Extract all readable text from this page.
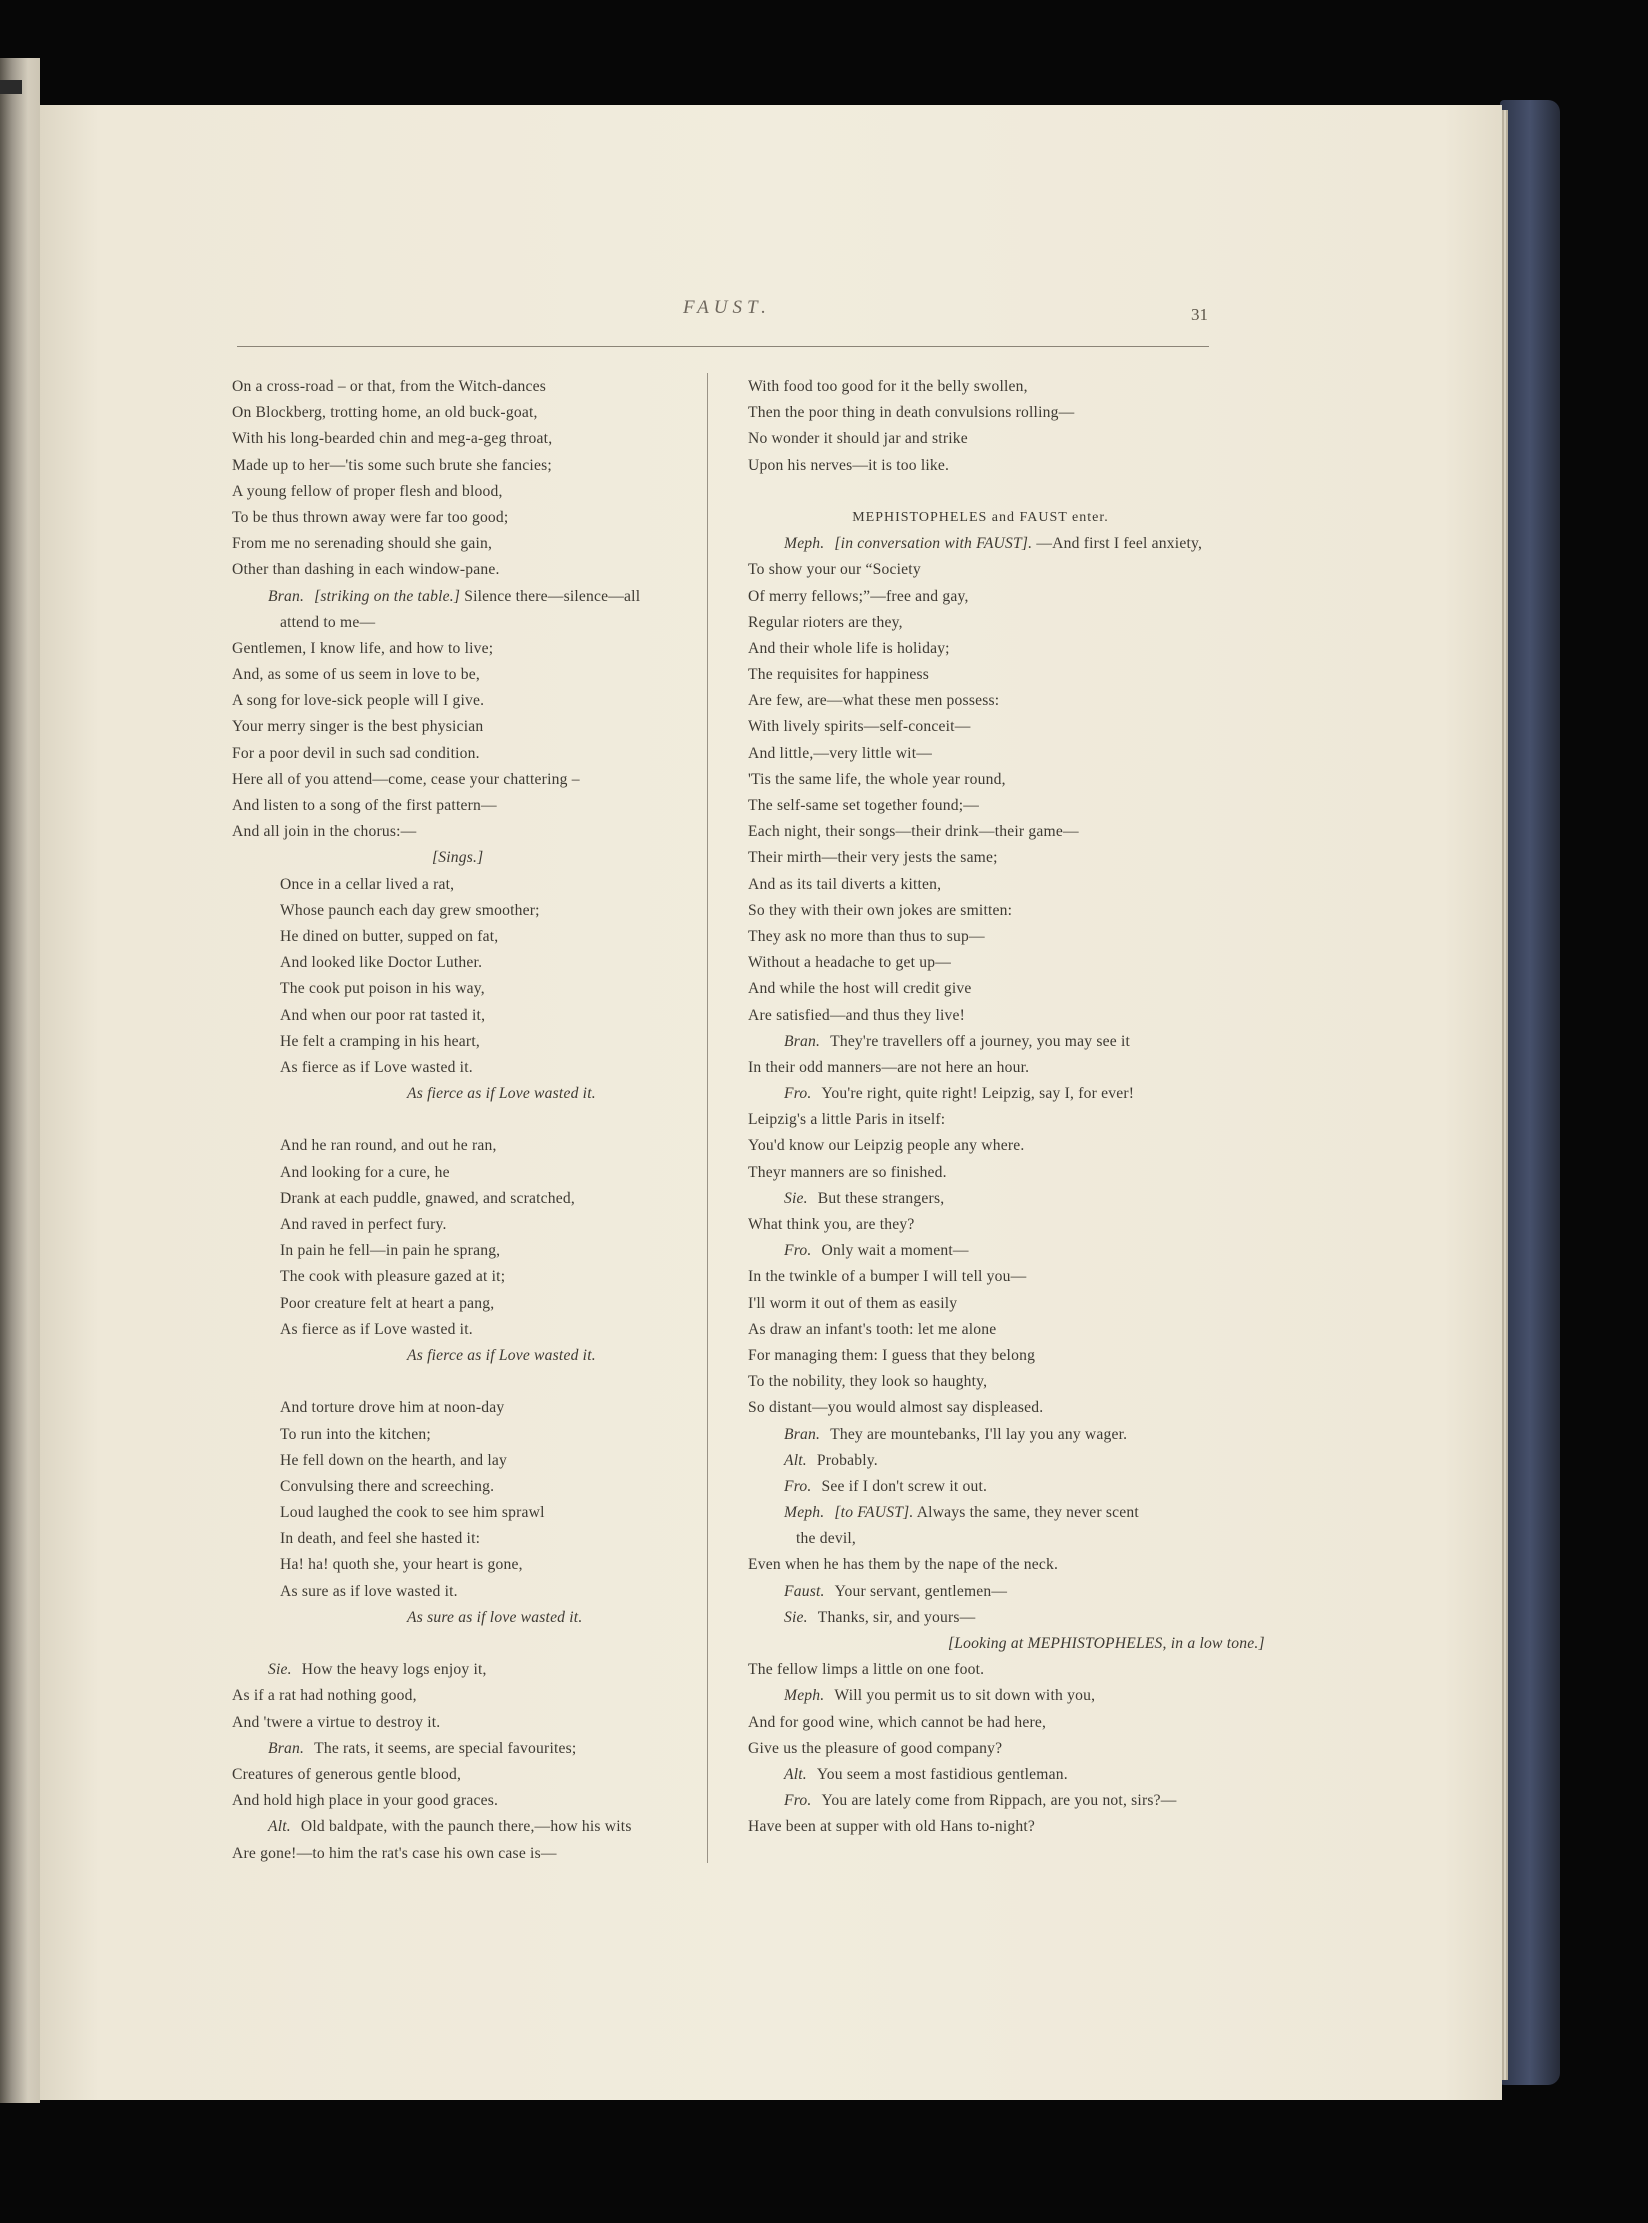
FAUST.	31
On a cross-road – or that, from the Witch-dances
On Blockberg, trotting home, an old buck-goat,
With his long-bearded chin and meg-a-geg throat,
Made up to her—'tis some such brute she fancies;
A young fellow of proper flesh and blood,
To be thus thrown away were far too good;
From me no serenading should she gain,
Other than dashing in each window-pane.
Bran. [striking on the table.] Silence there—silence—all
attend to me—
Gentlemen, I know life, and how to live;
And, as some of us seem in love to be,
A song for love-sick people will I give.
Your merry singer is the best physician
For a poor devil in such sad condition.
Here all of you attend—come, cease your chattering –
And listen to a song of the first pattern—
And all join in the chorus:—
[Sings.]
Once in a cellar lived a rat,
Whose paunch each day grew smoother;
He dined on butter, supped on fat,
And looked like Doctor Luther.
The cook put poison in his way,
And when our poor rat tasted it,
He felt a cramping in his heart,
As fierce as if Love wasted it.
As fierce as if Love wasted it.
And he ran round, and out he ran,
And looking for a cure, he
Drank at each puddle, gnawed, and scratched,
And raved in perfect fury.
In pain he fell—in pain he sprang,
The cook with pleasure gazed at it;
Poor creature felt at heart a pang,
As fierce as if Love wasted it.
As fierce as if Love wasted it.
And torture drove him at noon-day
To run into the kitchen;
He fell down on the hearth, and lay
Convulsing there and screeching.
Loud laughed the cook to see him sprawl
In death, and feel she hasted it:
Ha! ha! quoth she, your heart is gone,
As sure as if love wasted it.
As sure as if love wasted it.
Sie. How the heavy logs enjoy it,
As if a rat had nothing good,
And 'twere a virtue to destroy it.
Bran. The rats, it seems, are special favourites;
Creatures of generous gentle blood,
And hold high place in your good graces.
Alt. Old baldpate, with the paunch there,—how his wits
Are gone!—to him the rat's case his own case is—
With food too good for it the belly swollen,
Then the poor thing in death convulsions rolling—
No wonder it should jar and strike
Upon his nerves—it is too like.
MEPHISTOPHELES and FAUST enter.
Meph. [in conversation with FAUST]. —And first I feel anxiety,
To show your our “Society
Of merry fellows;”—free and gay,
Regular rioters are they,
And their whole life is holiday;
The requisites for happiness
Are few, are—what these men possess:
With lively spirits—self-conceit—
And little,—very little wit—
'Tis the same life, the whole year round,
The self-same set together found;—
Each night, their songs—their drink—their game—
Their mirth—their very jests the same;
And as its tail diverts a kitten,
So they with their own jokes are smitten:
They ask no more than thus to sup—
Without a headache to get up—
And while the host will credit give
Are satisfied—and thus they live!
Bran. They're travellers off a journey, you may see it
In their odd manners—are not here an hour.
Fro. You're right, quite right! Leipzig, say I, for ever!
Leipzig's a little Paris in itself:
You'd know our Leipzig people any where.
Theyr manners are so finished.
Sie. But these strangers,
What think you, are they?
Fro. Only wait a moment—
In the twinkle of a bumper I will tell you—
I'll worm it out of them as easily
As draw an infant's tooth: let me alone
For managing them: I guess that they belong
To the nobility, they look so haughty,
So distant—you would almost say displeased.
Bran. They are mountebanks, I'll lay you any wager.
Alt. Probably.
Fro. See if I don't screw it out.
Meph. [to FAUST]. Always the same, they never scent
the devil,
Even when he has them by the nape of the neck.
Faust. Your servant, gentlemen—
Sie. Thanks, sir, and yours—
[Looking at MEPHISTOPHELES, in a low tone.]
The fellow limps a little on one foot.
Meph. Will you permit us to sit down with you,
And for good wine, which cannot be had here,
Give us the pleasure of good company?
Alt. You seem a most fastidious gentleman.
Fro. You are lately come from Rippach, are you not, sirs?—
Have been at supper with old Hans to-night?
